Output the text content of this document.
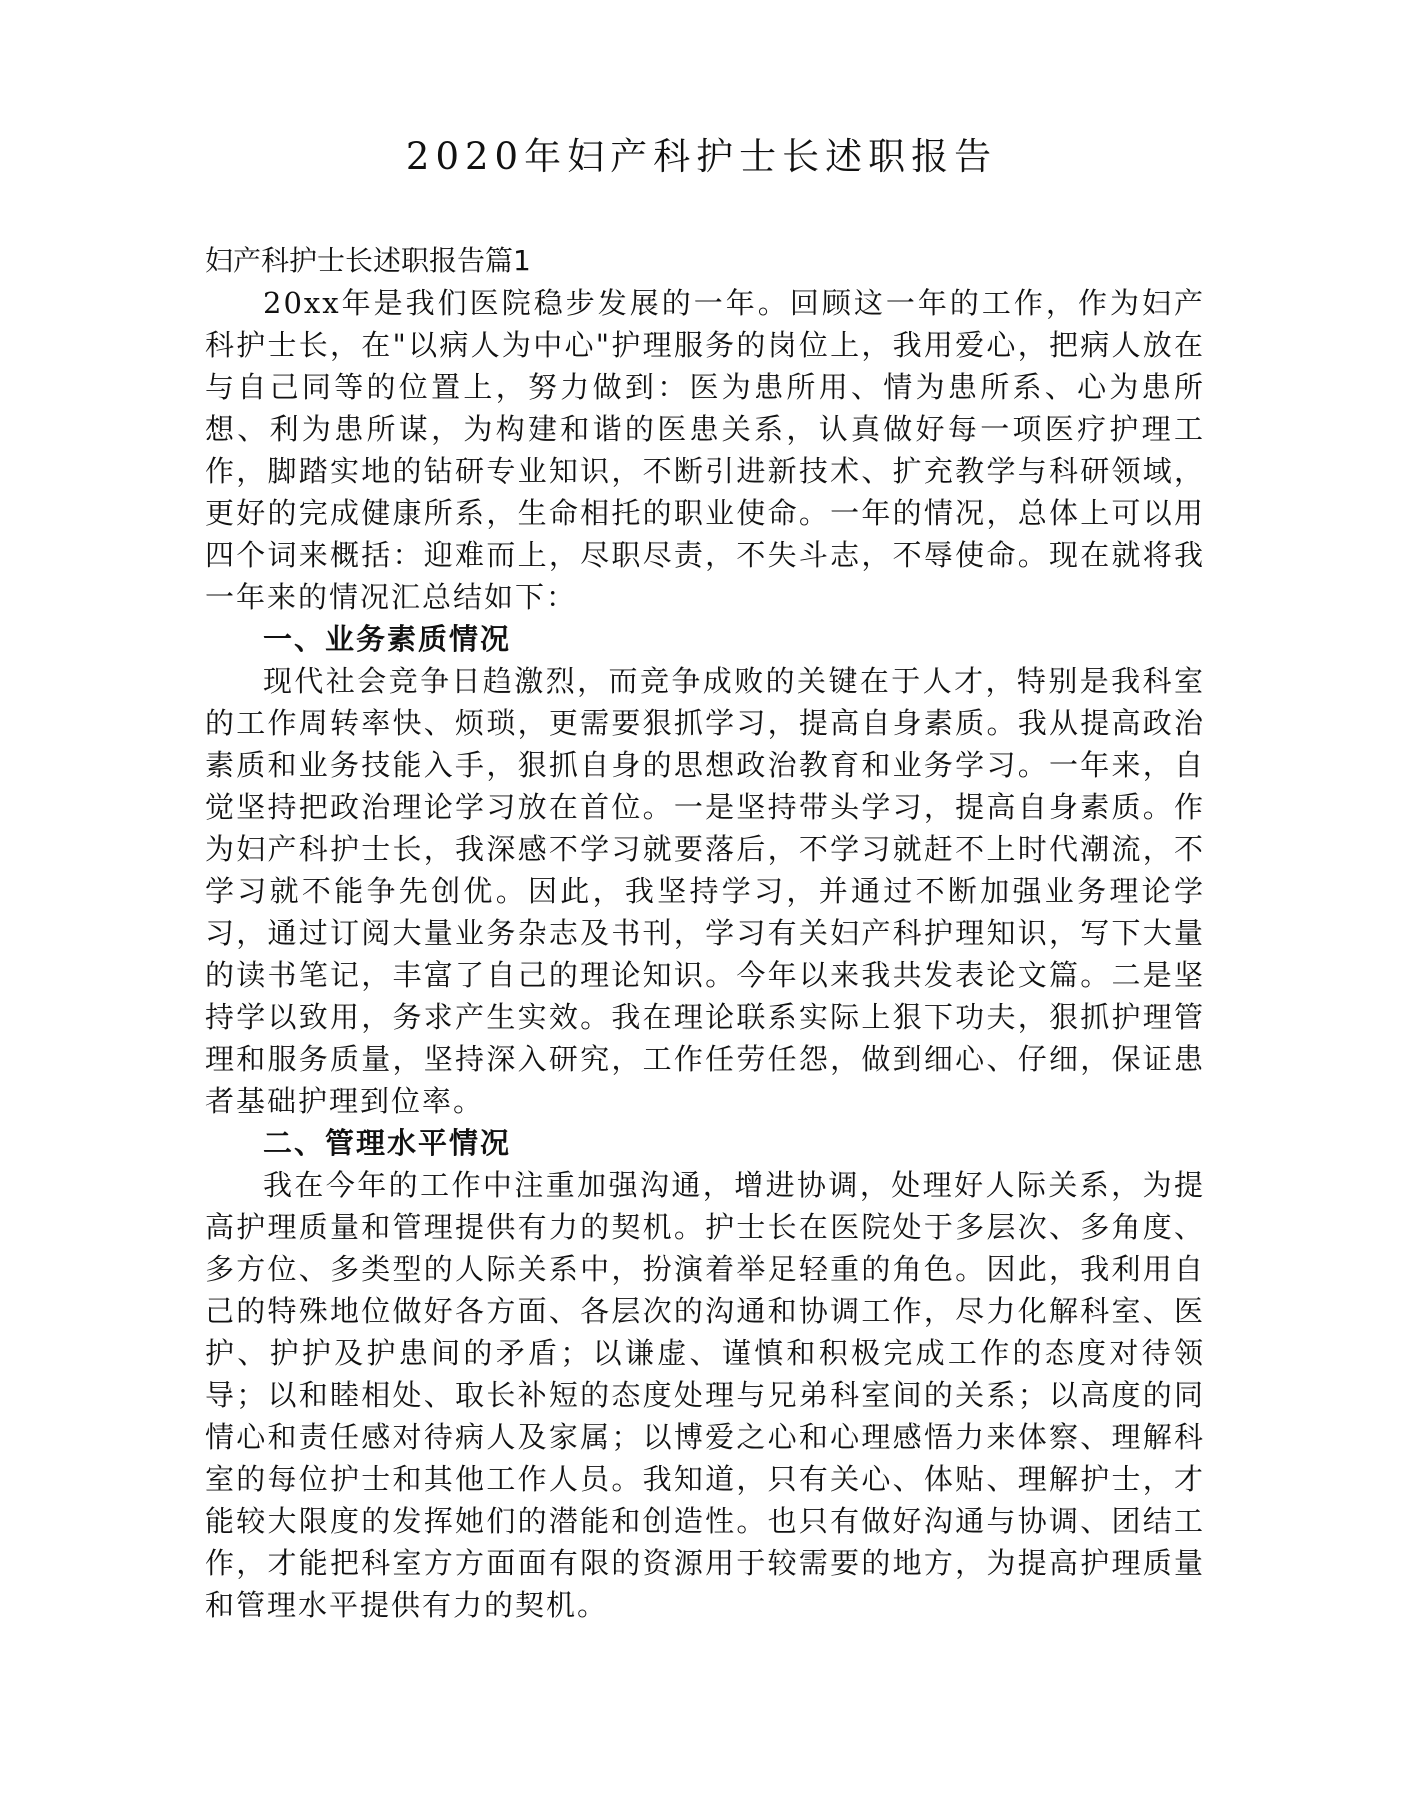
2020年妇产科护士长述职报告
妇产科护士长述职报告篇1

20xx年是我们医院稳步发展的一年。回顾这一年的工作，作为妇产科护士长，在"以病人为中心"护理服务的岗位上，我用爱心，把病人放在与自己同等的位置上，努力做到：医为患所用、情为患所系、心为患所想、利为患所谋，为构建和谐的医患关系，认真做好每一项医疗护理工作，脚踏实地的钻研专业知识，不断引进新技术、扩充教学与科研领域，更好的完成健康所系，生命相托的职业使命。一年的情况，总体上可以用四个词来概括：迎难而上，尽职尽责，不失斗志，不辱使命。现在就将我一年来的情况汇总结如下：

一、业务素质情况

现代社会竞争日趋激烈，而竞争成败的关键在于人才，特别是我科室的工作周转率快、烦琐，更需要狠抓学习，提高自身素质。我从提高政治素质和业务技能入手，狠抓自身的思想政治教育和业务学习。一年来，自觉坚持把政治理论学习放在首位。一是坚持带头学习，提高自身素质。作为妇产科护士长，我深感不学习就要落后，不学习就赶不上时代潮流，不学习就不能争先创优。因此，我坚持学习，并通过不断加强业务理论学习，通过订阅大量业务杂志及书刊，学习有关妇产科护理知识，写下大量的读书笔记，丰富了自己的理论知识。今年以来我共发表论文篇。二是坚持学以致用，务求产生实效。我在理论联系实际上狠下功夫，狠抓护理管理和服务质量，坚持深入研究，工作任劳任怨，做到细心、仔细，保证患者基础护理到位率。

二、管理水平情况

我在今年的工作中注重加强沟通，增进协调，处理好人际关系，为提高护理质量和管理提供有力的契机。护士长在医院处于多层次、多角度、多方位、多类型的人际关系中，扮演着举足轻重的角色。因此，我利用自己的特殊地位做好各方面、各层次的沟通和协调工作，尽力化解科室、医护、护护及护患间的矛盾；以谦虚、谨慎和积极完成工作的态度对待领导；以和睦相处、取长补短的态度处理与兄弟科室间的关系；以高度的同情心和责任感对待病人及家属；以博爱之心和心理感悟力来体察、理解科室的每位护士和其他工作人员。我知道，只有关心、体贴、理解护士，才能较大限度的发挥她们的潜能和创造性。也只有做好沟通与协调、团结工作，才能把科室方方面面有限的资源用于较需要的地方，为提高护理质量和管理水平提供有力的契机。
